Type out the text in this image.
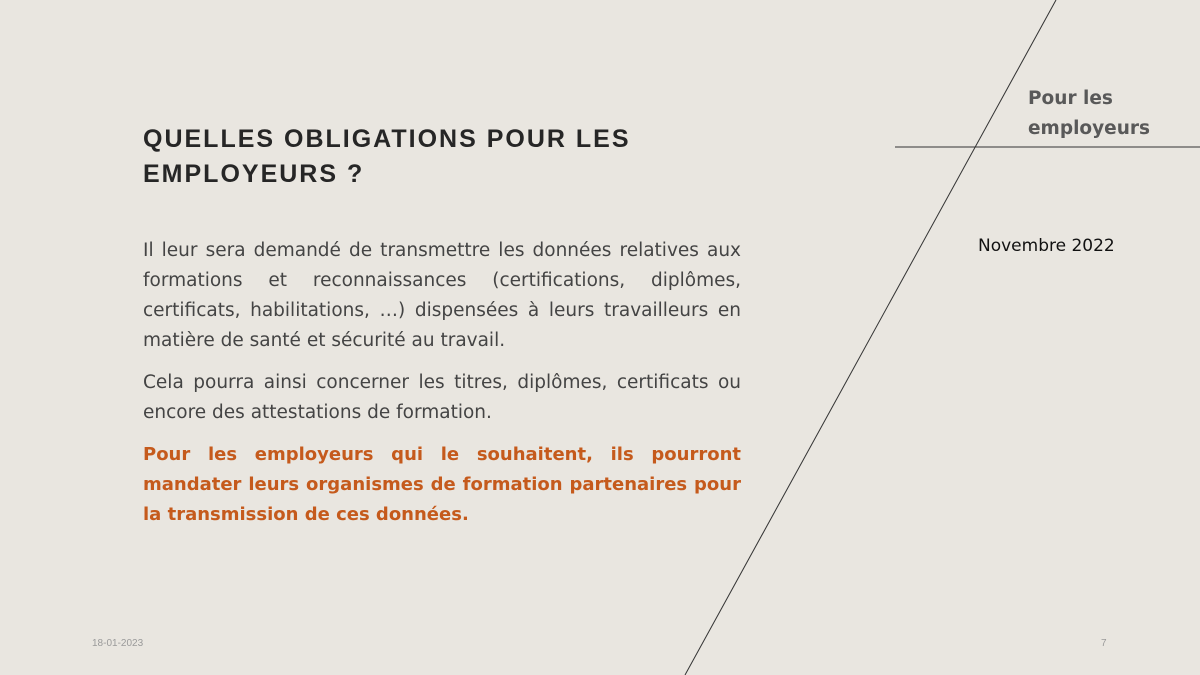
QUELLES OBLIGATIONS POUR LES EMPLOYEURS ?

Il leur sera demandé de transmettre les données relatives aux formations et reconnaissances (certifications, diplômes, certificats, habilitations, …) dispensées à leurs travailleurs en matière de santé et sécurité au travail.

Cela pourra ainsi concerner les titres, diplômes, certificats ou encore des attestations de formation.

Pour les employeurs qui le souhaitent, ils pourront mandater leurs organismes de formation partenaires pour la transmission de ces données.

Pour les employeurs
Novembre 2022
18-01-2023	7
